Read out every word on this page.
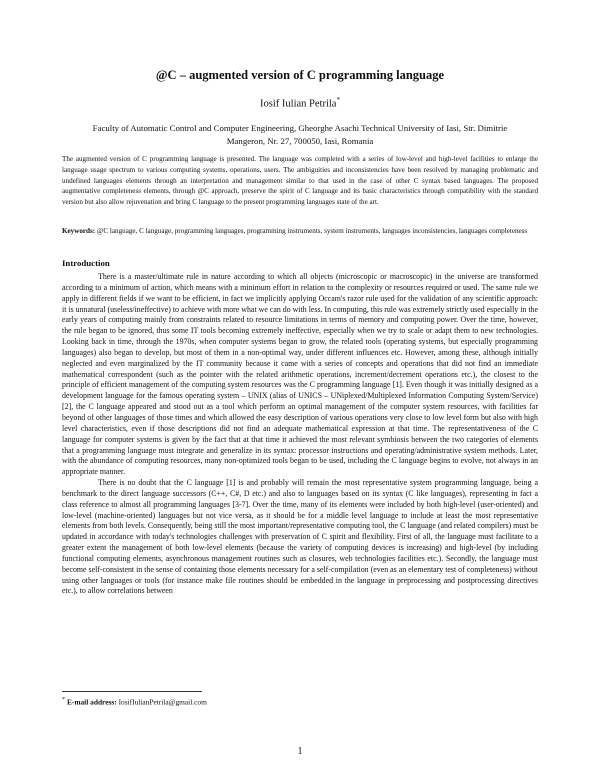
@C – augmented version of C programming language
Iosif Iulian Petrila*
Faculty of Automatic Control and Computer Engineering, Gheorghe Asachi Technical University of Iasi, Str. Dimitrie Mangeron, Nr. 27, 700050, Iasi, Romania
The augmented version of C programming language is presented. The language was completed with a series of low-level and high-level facilities to enlarge the language usage spectrum to various computing systems, operations, users. The ambiguities and inconsistencies have been resolved by managing problematic and undefined languages elements through an interpretation and management similar to that used in the case of other C syntax based languages. The proposed augmentative completeness elements, through @C approach, preserve the spirit of C language and its basic characteristics through compatibility with the standard version but also allow rejuvenation and bring C language to the present programming languages state of the art.
Keywords: @C language, C language, programming languages, programming instruments, system instruments, languages inconsistencies, languages completeness
Introduction

There is a master/ultimate rule in nature according to which all objects (microscopic or macroscopic) in the universe are transformed according to a minimum of action, which means with a minimum effort in relation to the complexity or resources required or used. The same rule we apply in different fields if we want to be efficient, in fact we implicitly applying Occam's razor rule used for the validation of any scientific approach: it is unnatural (useless/ineffective) to achieve with more what we can do with less. In computing, this rule was extremely strictly used especially in the early years of computing mainly from constraints related to resource limitations in terms of memory and computing power. Over the time, however, the rule began to be ignored, thus some IT tools becoming extremely ineffective, especially when we try to scale or adapt them to new technologies. Looking back in time, through the 1970s, when computer systems began to grow, the related tools (operating systems, but especially programming languages) also began to develop, but most of them in a non-optimal way, under different influences etc. However, among these, although initially neglected and even marginalized by the IT community because it came with a series of concepts and operations that did not find an immediate mathematical correspondent (such as the pointer with the related arithmetic operations, increment/decrement operations etc.), the closest to the principle of efficient management of the computing system resources was the C programming language [1]. Even though it was initially designed as a development language for the famous operating system – UNIX (alias of UNICS – UNiplexed/Multiplexed Information Computing System/Service) [2], the C language appeared and stood out as a tool which perform an optimal management of the computer system resources, with facilities far beyond of other languages of those times and which allowed the easy description of various operations very close to low level form but also with high level characteristics, even if those descriptions did not find an adequate mathematical expression at that time. The representativeness of the C language for computer systems is given by the fact that at that time it achieved the most relevant symbiosis between the two categories of elements that a programming language must integrate and generalize in its syntax: processor instructions and operating/administrative system methods. Later, with the abundance of computing resources, many non-optimized tools began to be used, including the C language begins to evolve, not always in an appropriate manner.

There is no doubt that the C language [1] is and probably will remain the most representative system programming language, being a benchmark to the direct language successors (C++, C#, D etc.) and also to languages based on its syntax (C like languages), representing in fact a class reference to almost all programming languages [3-7]. Over the time, many of its elements were included by both high-level (user-oriented) and low-level (machine-oriented) languages but not vice versa, as it should be for a middle level language to include at least the most representative elements from both levels. Consequently, being still the most important/representative computing tool, the C language (and related compilers) must be updated in accordance with today's technologies challenges with preservation of C spirit and flexibility. First of all, the language must facilitate to a greater extent the management of both low-level elements (because the variety of computing devices is increasing) and high-level (by including functional computing elements, asynchronous management routines such as closures, web technologies facilities etc.). Secondly, the language must become self-consistent in the sense of containing those elements necessary for a self-compilation (even as an elementary test of completeness) without using other languages or tools (for instance make file routines should be embedded in the language in preprocessing and postprocessing directives etc.), to allow correlations between

* E-mail address: IosifIulianPetrila@gmail.com
1
